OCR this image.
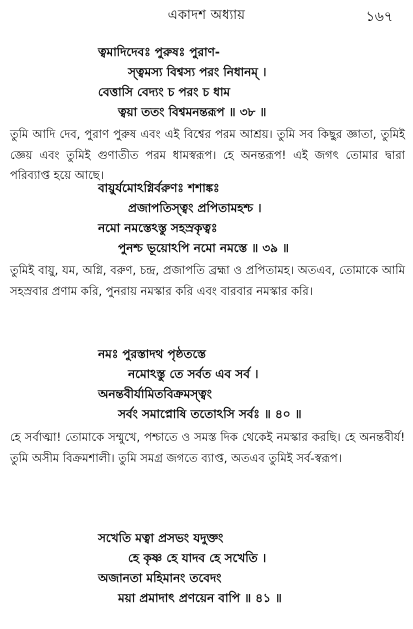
একাদশ অধ্যায়	১৬৭
ত্বমাদিদেবঃ পুরুষঃ পুরাণ-
স্ত্বমস্য বিশ্বস্য পরং নিধানম্ ।
বেত্তাসি বেদ্যং চ পরং চ ধাম
ত্বয়া ততং বিশ্বমনন্তরূপ ॥ ৩৮ ॥
তুমি আদি দেব, পুরাণ পুরুষ এবং এই বিশ্বের পরম আশ্রয়। তুমি সব কিছুর জ্ঞাতা, তুমিই জ্ঞেয় এবং তুমিই গুণাতীত পরম ধামস্বরূপ। হে অনন্তরূপ! এই জগৎ তোমার দ্বারা পরিব্যাপ্ত হয়ে আছে।
বায়ুর্যমোঽগ্নির্বরুণঃ শশাঙ্কঃ
প্রজাপতিস্ত্বং প্রপিতামহশ্চ ।
নমো নমস্তেঽস্তু সহস্রকৃত্বঃ
পুনশ্চ ভূয়োঽপি নমো নমস্তে ॥ ৩৯ ॥
তুমিই বায়ু, যম, অগ্নি, বরুণ, চন্দ্র, প্রজাপতি ব্রহ্মা ও প্রপিতামহ। অতএব, তোমাকে আমি সহস্রবার প্রণাম করি, পুনরায় নমস্কার করি এবং বারবার নমস্কার করি।
নমঃ পুরস্তাদথ পৃষ্ঠতস্তে
নমোঽস্তু তে সর্বত এব সর্ব ।
অনন্তবীর্যামিতবিক্রমস্ত্বং
সর্বং সমাপ্নোষি ততোঽসি সর্বঃ ॥ ৪০ ॥
হে সর্বাত্মা! তোমাকে সম্মুখে, পশ্চাতে ও সমস্ত দিক থেকেই নমস্কার করছি। হে অনন্তবীর্য! তুমি অসীম বিক্রমশালী। তুমি সমগ্র জগতে ব্যাপ্ত, অতএব তুমিই সর্ব-স্বরূপ।
সখেতি মত্বা প্রসভং যদুক্তং
হে কৃষ্ণ হে যাদব হে সখেতি ।
অজানতা মহিমানং তবেদং
ময়া প্রমাদাৎ প্রণয়েন বাপি ॥ ৪১ ॥
